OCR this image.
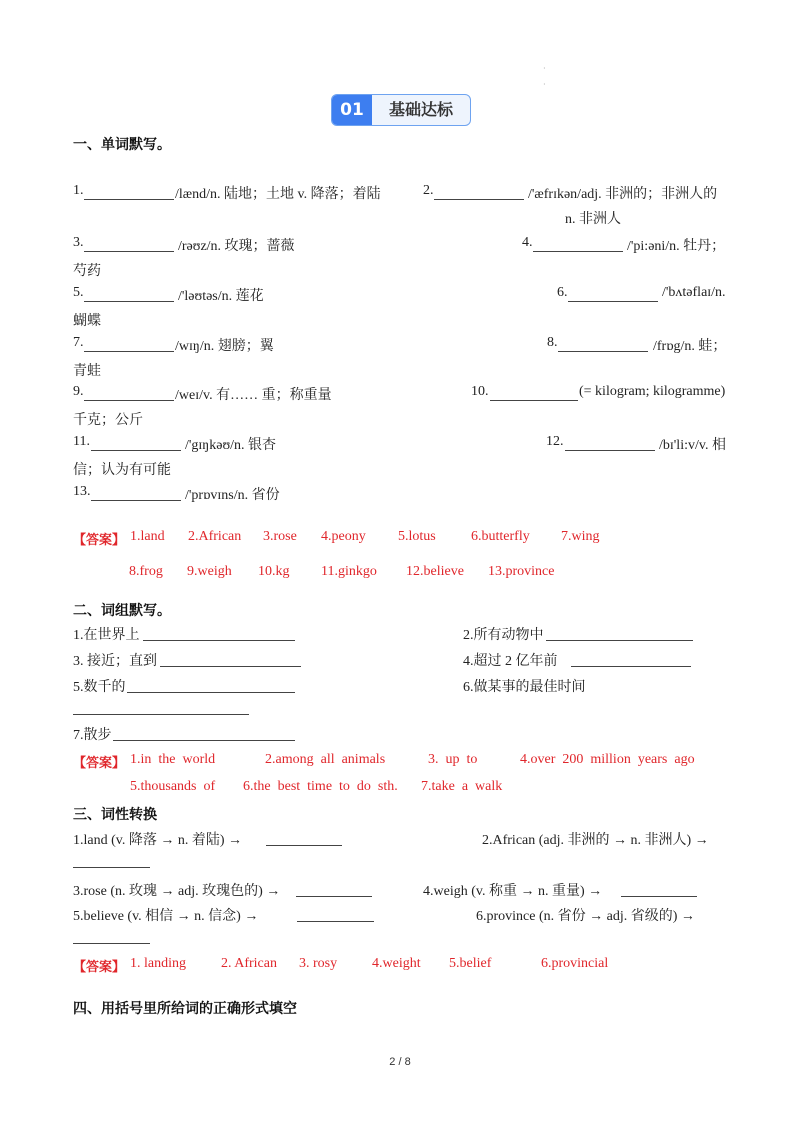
·
·
01	基础达标
一、单词默写。
1.	/lænd/n. 陆地；土地 v. 降落；着陆	2.	/'æfrɪkən/adj. 非洲的；非洲人的
n. 非洲人
3.	/rəʊz/n. 玫瑰；蔷薇	4.	/'pi:əni/n. 牡丹；
芍药
5.	/'ləʊtəs/n. 莲花	6.	/'bʌtəflaɪ/n.
蝴蝶
7.	/wɪŋ/n. 翅膀；翼	8.	/frɒg/n. 蛙；
青蛙
9.	/weɪ/v. 有…… 重；称重量	10.	(= kilogram; kilogramme)
千克；公斤
11.	/'gɪŋkəʊ/n. 银杏	12.	/bɪ'li:v/v. 相
信；认为有可能
13.	/'prɒvɪns/n. 省份
【答案】 1.land 2.African 3.rose 4.peony 5.lotus	6.butterfly 7.wing
8.frog 9.weigh 10.kg 11.ginkgo 12.believe 13.province
二、词组默写。
1.在世界上	2.所有动物中
3. 接近；直到	4.超过 2 亿年前
5.数千的	6.做某事的最佳时间
7.散步
【答案】 1.in  the  world	2.among  all  animals	3.  up  to	4.over  200  million  years  ago
5.thousands  of 6.the  best  time  to  do  sth. 7.take  a  walk
三、词性转换
1.land (v. 降落 → n. 着陆) →	2.African (adj. 非洲的 → n. 非洲人) →
3.rose (n. 玫瑰 → adj. 玫瑰色的) →	4.weigh (v. 称重 → n. 重量) →
5.believe (v. 相信 → n. 信念) →	6.province (n. 省份 → adj. 省级的) →
【答案】 1. landing	2. African 3. rosy 4.weight 5.belief	6.provincial
四、用括号里所给词的正确形式填空
2 / 8
